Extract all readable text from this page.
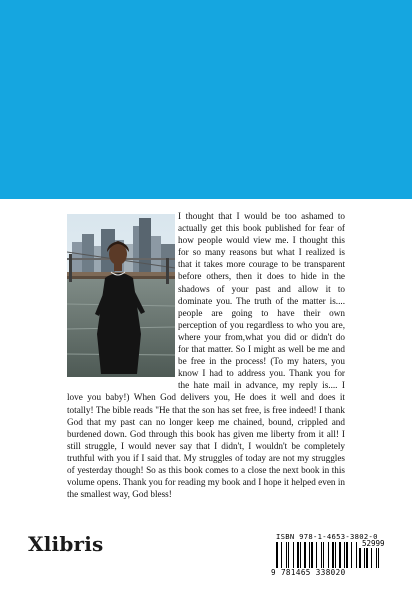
I thought that I would be too ashamed to actually get this book published for fear of how people would view me. I thought this for so many reasons but what I realized is that it takes more courage to be transparent before others, then it does to hide in the shadows of your past and allow it to dominate you. The truth of the matter is.... people are going to have their own perception of you regardless to who you are, where your from,what you did or didn't do for that matter. So I might as well be me and be free in the process! (To my haters, you know I had to address you. Thank you for the hate mail in advance, my reply is.... I love you baby!) When God delivers you, He does it well and does it totally! The bible reads "He that the son has set free, is free indeed! I thank God that my past can no longer keep me chained, bound, crippled and burdened down. God through this book has given me liberty from it all! I still struggle, I would never say that I didn't, I wouldn't be completely truthful with you if I said that. My struggles of today are not my struggles of yesterday though! So as this book comes to a close the next book in this volume opens. Thank you for reading my book and I hope it helped even in the smallest way, God bless!

Xlibris	ISBN 978-1-4653-3802-0
52999
9 781465 338020
